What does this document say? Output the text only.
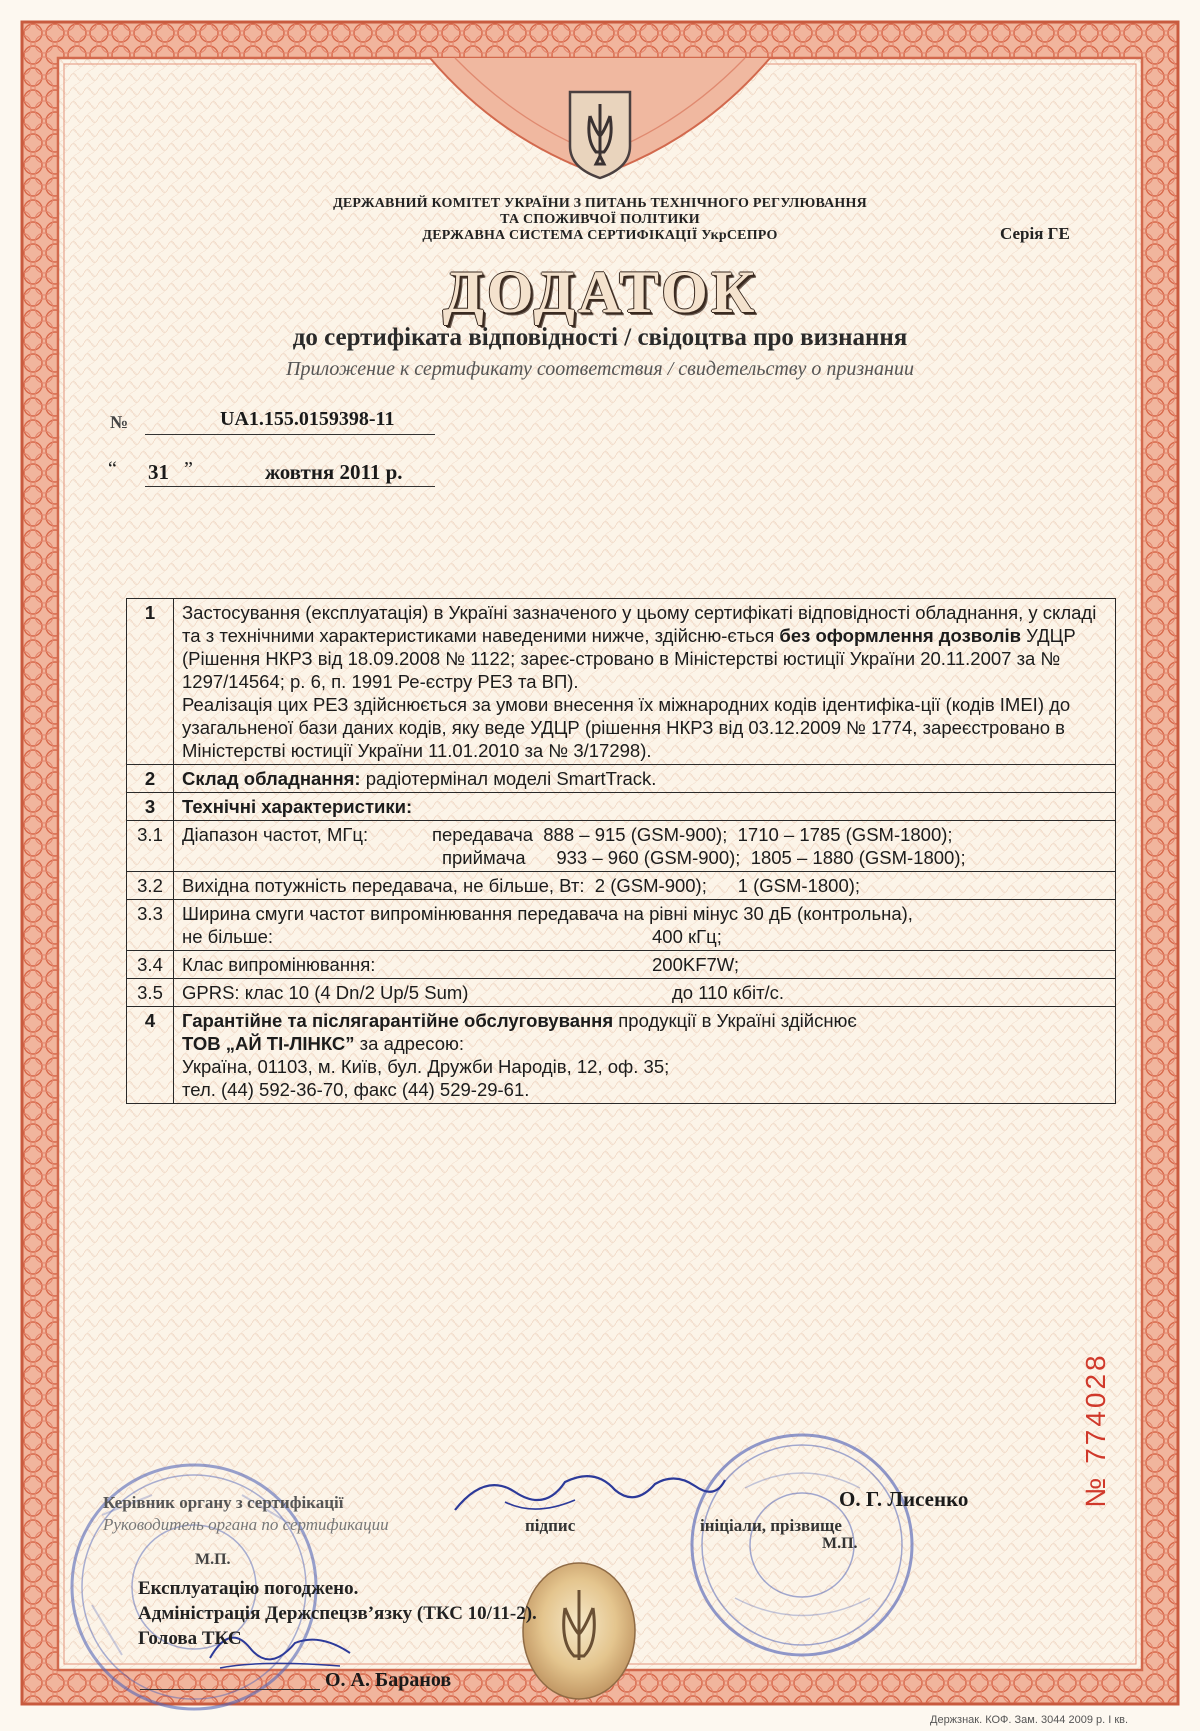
ДЕРЖАВНИЙ КОМІТЕТ УКРАЇНИ З ПИТАНЬ ТЕХНІЧНОГО РЕГУЛЮВАННЯ
ТА СПОЖИВЧОЇ ПОЛІТИКИ
ДЕРЖАВНА СИСТЕМА СЕРТИФІКАЦІЇ УкрСЕПРО	Серія ГЕ
ДОДАТОК
до сертифіката відповідності / свідоцтва про визнання
Приложение к сертификату соответствия / свидетельству о признании
№	UA1.155.0159398-11
“ 31 ”	жовтня 2011 р.
1	Застосування (експлуатація) в Україні зазначеного у цьому сертифікаті відповідності обладнання, у складі та з технічними характеристиками наведеними нижче, здійсню-ється без оформлення дозволів УДЦР (Рішення НКРЗ від 18.09.2008 № 1122; зареє-стровано в Міністерстві юстиції України 20.11.2007 за № 1297/14564; р. 6, п. 1991 Ре-єстру РЕЗ та ВП).

Реалізація цих РЕЗ здійснюється за умови внесення їх міжнародних кодів ідентифіка-ції (кодів IMEI) до узагальненої бази даних кодів, яку веде УДЦР (рішення НКРЗ від 03.12.2009 № 1774, зареєстровано в Міністерстві юстиції України 11.01.2010 за № 3/17298).

2	Склад обладнання: радіотермінал моделі SmartTrack.
3	Технічні характеристики:
3.1	Діапазон частот, МГц: передавача  888 – 915 (GSM-900);  1710 – 1785 (GSM-1800);
приймача      933 – 960 (GSM-900);  1805 – 1880 (GSM-1800);

3.2	Вихідна потужність передавача, не більше, Вт:  2 (GSM-900);      1 (GSM-1800);
3.3	Ширина смуги частот випромінювання передавача на рівні мінус 30 дБ (контрольна),
не більше: 400 кГц;

3.4	Клас випромінювання: 200KF7W;

3.5	GPRS: клас 10 (4 Dn/2 Up/5 Sum) до 110 кбіт/с.

4	Гарантійне та післягарантійне обслуговування продукції в Україні здійснює

ТОВ „АЙ ТІ-ЛІНКС” за адресою:

Україна, 01103, м. Київ, бул. Дружби Народів, 12, оф. 35;

тел. (44) 592-36-70, факс (44) 529-29-61.

№ 774028
Керівник органу з сертифікації
Руководитель органа по сертификации
О. Г. Лисенко
підпис	ініціали, прізвище
М.П.
М.П.
Експлуатацію погоджено.
Адміністрація Держспецзв’язку (ТКС 10/11-2).
Голова ТКС
О. А. Баранов
Держзнак. КОФ. Зам. 3044 2009 р. І кв.
